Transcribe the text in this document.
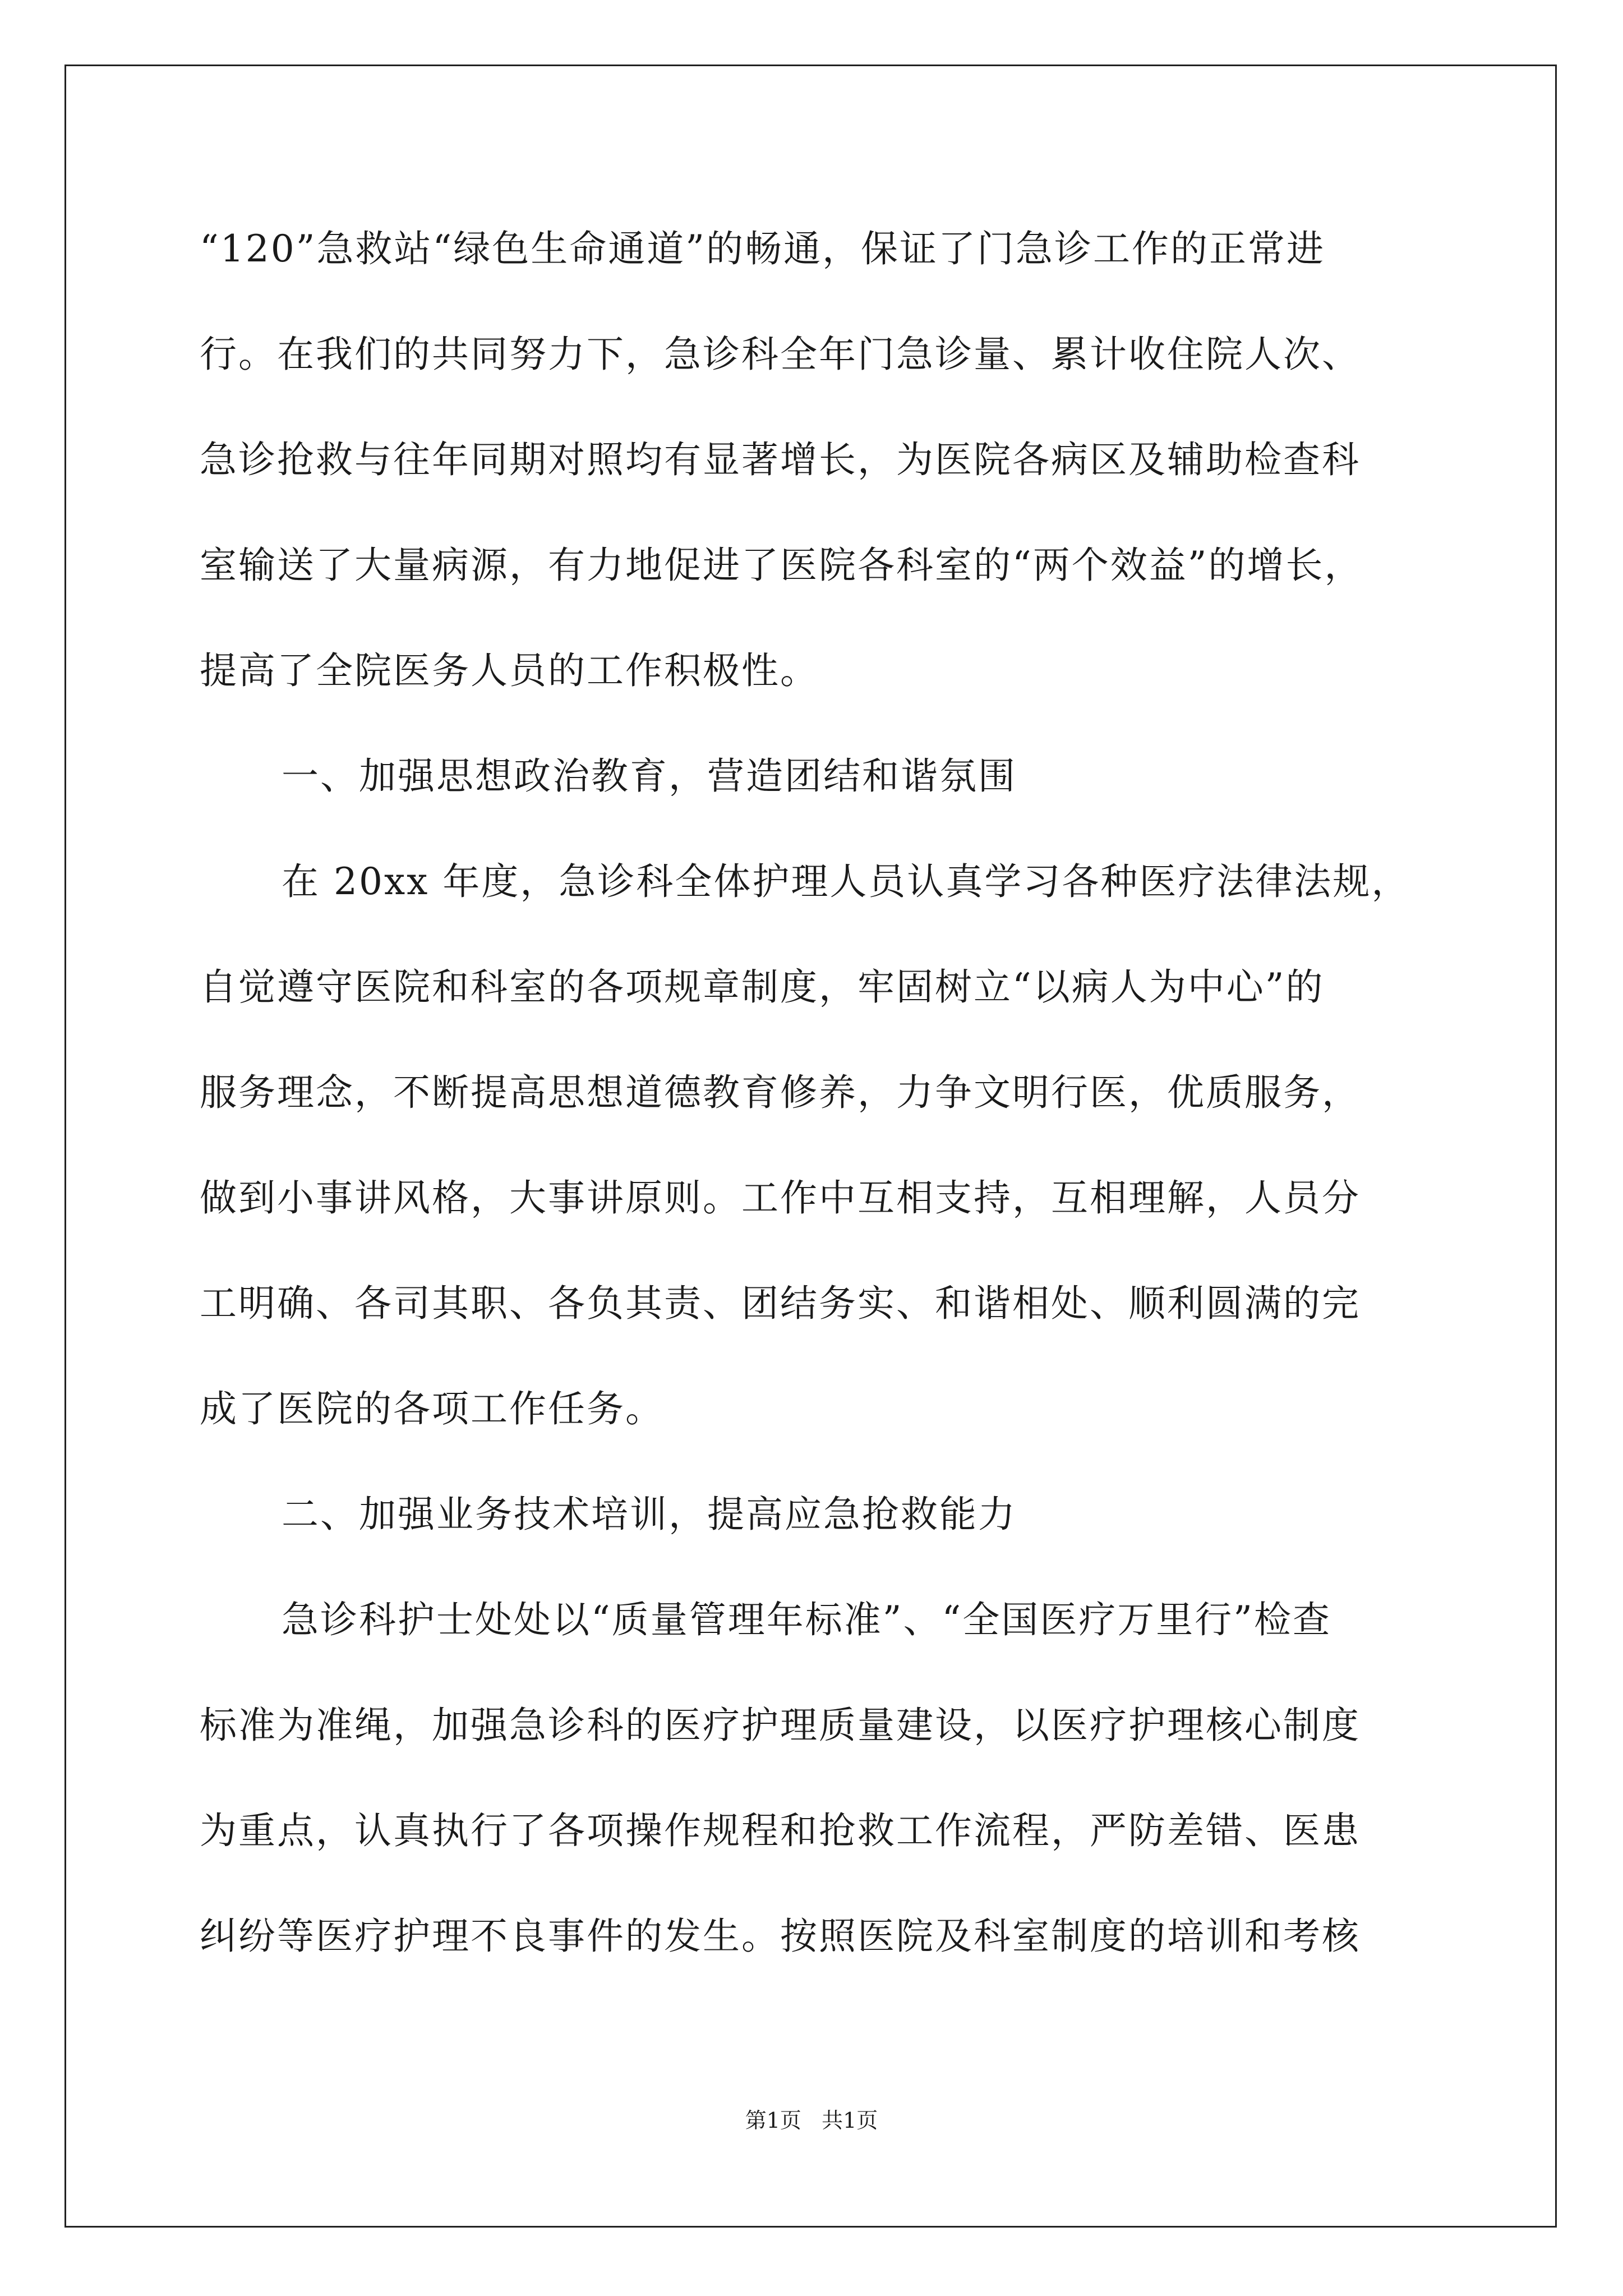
“120”急救站“绿色生命通道”的畅通，保证了门急诊工作的正常进
行。在我们的共同努力下，急诊科全年门急诊量、累计收住院人次、
急诊抢救与往年同期对照均有显著增长，为医院各病区及辅助检查科
室输送了大量病源，有力地促进了医院各科室的“两个效益”的增长，
提高了全院医务人员的工作积极性。
一、加强思想政治教育，营造团结和谐氛围
在 20xx 年度，急诊科全体护理人员认真学习各种医疗法律法规，
自觉遵守医院和科室的各项规章制度，牢固树立“以病人为中心”的
服务理念，不断提高思想道德教育修养，力争文明行医，优质服务，
做到小事讲风格，大事讲原则。工作中互相支持，互相理解，人员分
工明确、各司其职、各负其责、团结务实、和谐相处、顺利圆满的完
成了医院的各项工作任务。
二、加强业务技术培训，提高应急抢救能力
急诊科护士处处以“质量管理年标准”、“全国医疗万里行”检查
标准为准绳，加强急诊科的医疗护理质量建设，以医疗护理核心制度
为重点，认真执行了各项操作规程和抢救工作流程，严防差错、医患
纠纷等医疗护理不良事件的发生。按照医院及科室制度的培训和考核
第1页   共1页
